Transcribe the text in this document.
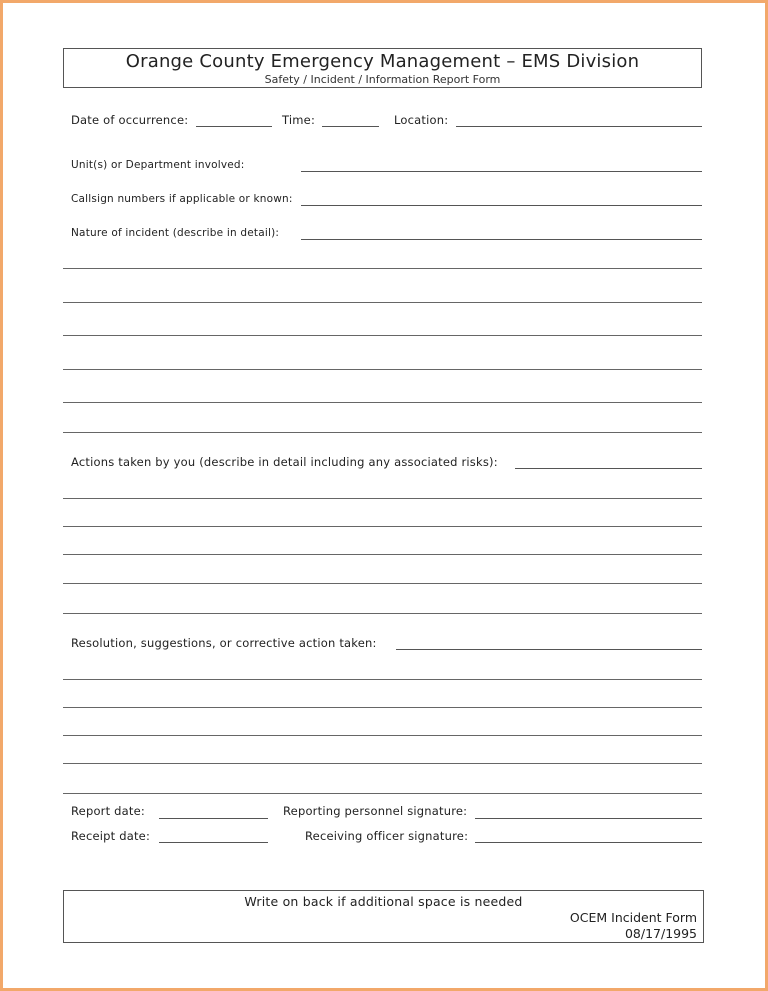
Orange County Emergency Management – EMS Division
Safety / Incident / Information Report Form
Date of occurrence:	Time:	Location:
Unit(s) or Department involved:
Callsign numbers if applicable or known:
Nature of incident (describe in detail):
Actions taken by you (describe in detail including any associated risks):
Resolution, suggestions, or corrective action taken:
Report date:	Reporting personnel signature:
Receipt date:	Receiving officer signature:
Write on back if additional space is needed
OCEM Incident Form
08/17/1995
